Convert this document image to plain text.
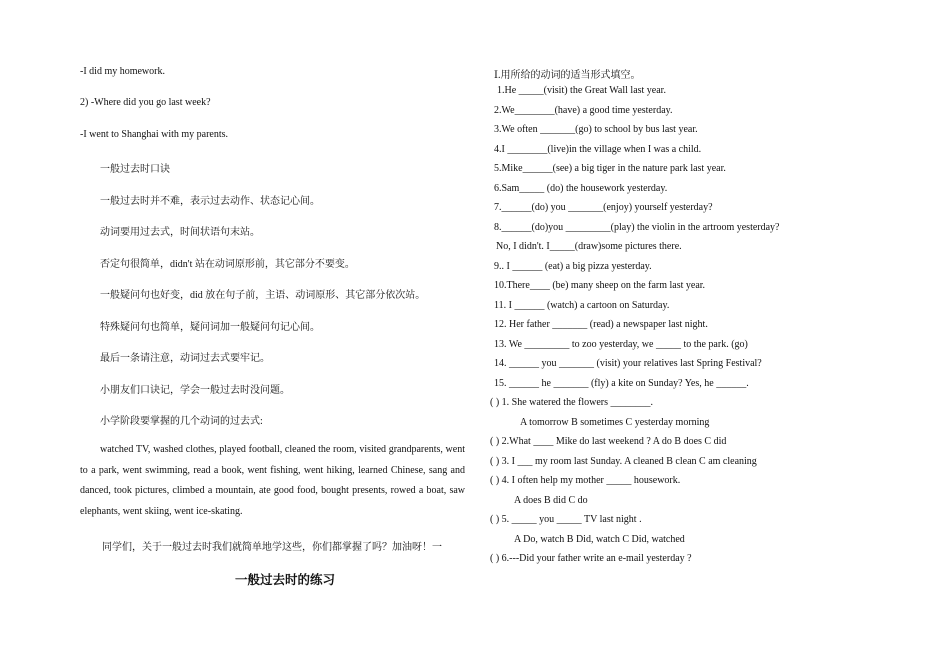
-I did my homework.
2) -Where did you go last week?
-I went to Shanghai with my parents.
一般过去时口诀
一般过去时并不难，表示过去动作、状态记心间。
动词要用过去式，时间状语句末站。
否定句很简单，didn't 站在动词原形前，其它部分不要变。
一般疑问句也好变，did 放在句子前，主语、动词原形、其它部分依次站。
特殊疑问句也简单，疑问词加一般疑问句记心间。
最后一条请注意，动词过去式要牢记。
小朋友们口诀记，学会一般过去时没问题。
小学阶段要掌握的几个动词的过去式:
watched TV, washed clothes, played football, cleaned the room, visited grandparents, went to a park, went swimming, read a book, went fishing, went hiking, learned Chinese, sang and danced, took pictures, climbed a mountain, ate good food, bought presents, rowed a boat, saw elephants, went skiing, went ice-skating.
同学们，关于一般过去时我们就简单地学这些，你们都掌握了吗？加油呀！一
一般过去时的练习
Ⅰ.用所给的动词的适当形式填空。
1.He _____(visit) the Great Wall last year.
2.We________(have) a good time yesterday.
3.We often _______(go) to school by bus last year.
4.I ________(live)in the village when I was a child.
5.Mike______(see) a big tiger in the nature park last year.
6.Sam_____ (do) the housework yesterday.
7.______(do) you _______(enjoy) yourself yesterday?
8.______(do)you _________(play) the violin in the artroom yesterday?
No, I didn't. I_____(draw)some pictures there.
9.. I ______ (eat) a big pizza yesterday.
10.There____ (be) many sheep on the farm last year.
11. I ______ (watch) a cartoon on Saturday.
12. Her father _______ (read) a newspaper last night.
13. We _________ to zoo yesterday, we _____ to the park. (go)
14. ______ you _______ (visit) your relatives last Spring Festival?
15. ______ he _______ (fly) a kite on Sunday? Yes, he ______.
( ) 1. She watered the flowers ________.
A tomorrow B sometimes C yesterday morning
( ) 2.What ____ Mike do last weekend ? A do B does C did
( ) 3. I ___ my room last Sunday. A cleaned B clean C am cleaning
( ) 4. I often help my mother _____ housework.
A does B did C do
( ) 5. _____ you _____ TV last night .
A Do, watch B Did, watch C Did, watched
( ) 6.---Did your father write an e-mail yesterday ?
